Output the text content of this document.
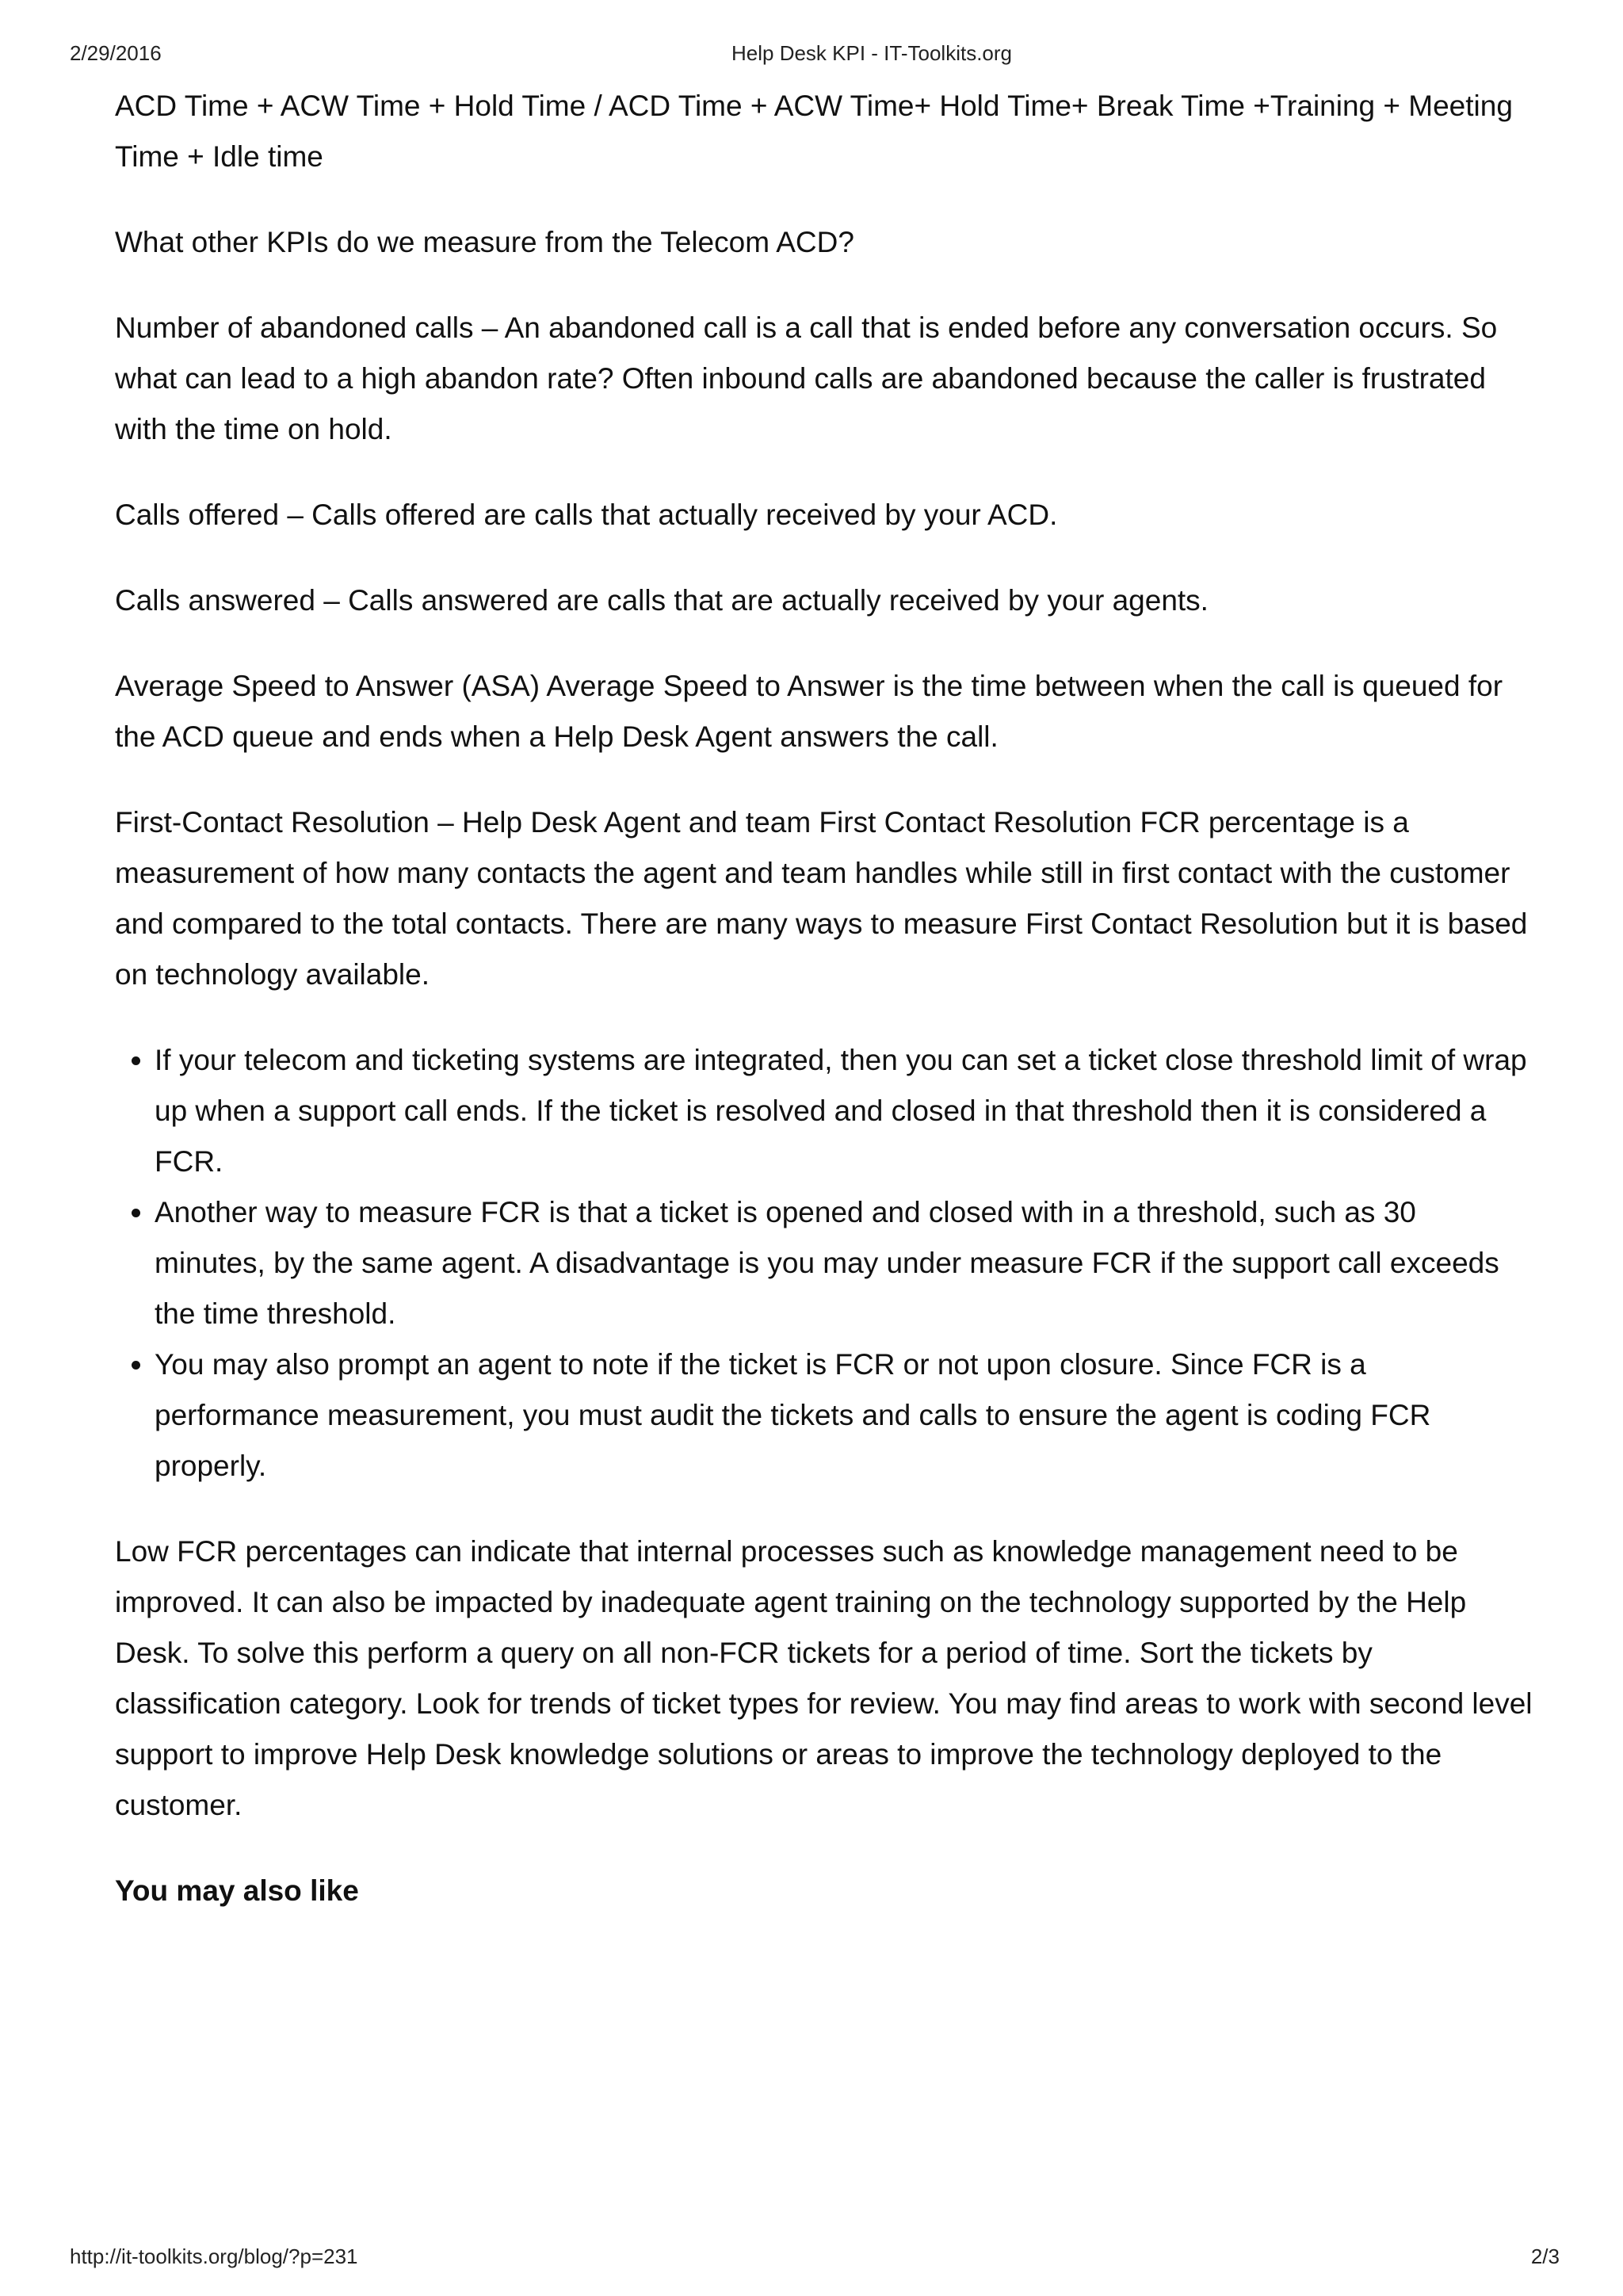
2/29/2016	Help Desk KPI - IT-Toolkits.org

ACD Time + ACW Time + Hold Time / ACD Time + ACW Time+ Hold Time+ Break Time +Training + Meeting Time + Idle time

What other KPIs do we measure from the Telecom ACD?

Number of abandoned calls – An abandoned call is a call that is ended before any conversation occurs. So what can lead to a high abandon rate? Often inbound calls are abandoned because the caller is frustrated with the time on hold.

Calls offered – Calls offered are calls that actually received by your ACD.

Calls answered – Calls answered are calls that are actually received by your agents.

Average Speed to Answer (ASA) Average Speed to Answer is the time between when the call is queued for the ACD queue and ends when a Help Desk Agent answers the call.

First-Contact Resolution – Help Desk Agent and team First Contact Resolution FCR percentage is a measurement of how many contacts the agent and team handles while still in first contact with the customer and compared to the total contacts. There are many ways to measure First Contact Resolution but it is based on technology available.

• If your telecom and ticketing systems are integrated, then you can set a ticket close threshold limit of wrap up when a support call ends. If the ticket is resolved and closed in that threshold then it is considered a FCR.
• Another way to measure FCR is that a ticket is opened and closed with in a threshold, such as 30 minutes, by the same agent. A disadvantage is you may under measure FCR if the support call exceeds the time threshold.
• You may also prompt an agent to note if the ticket is FCR or not upon closure. Since FCR is a performance measurement, you must audit the tickets and calls to ensure the agent is coding FCR properly.

Low FCR percentages can indicate that internal processes such as knowledge management need to be improved. It can also be impacted by inadequate agent training on the technology supported by the Help Desk. To solve this perform a query on all non-FCR tickets for a period of time. Sort the tickets by classification category. Look for trends of ticket types for review. You may find areas to work with second level support to improve Help Desk knowledge solutions or areas to improve the technology deployed to the customer.

You may also like

http://it-toolkits.org/blog/?p=231	2/3
